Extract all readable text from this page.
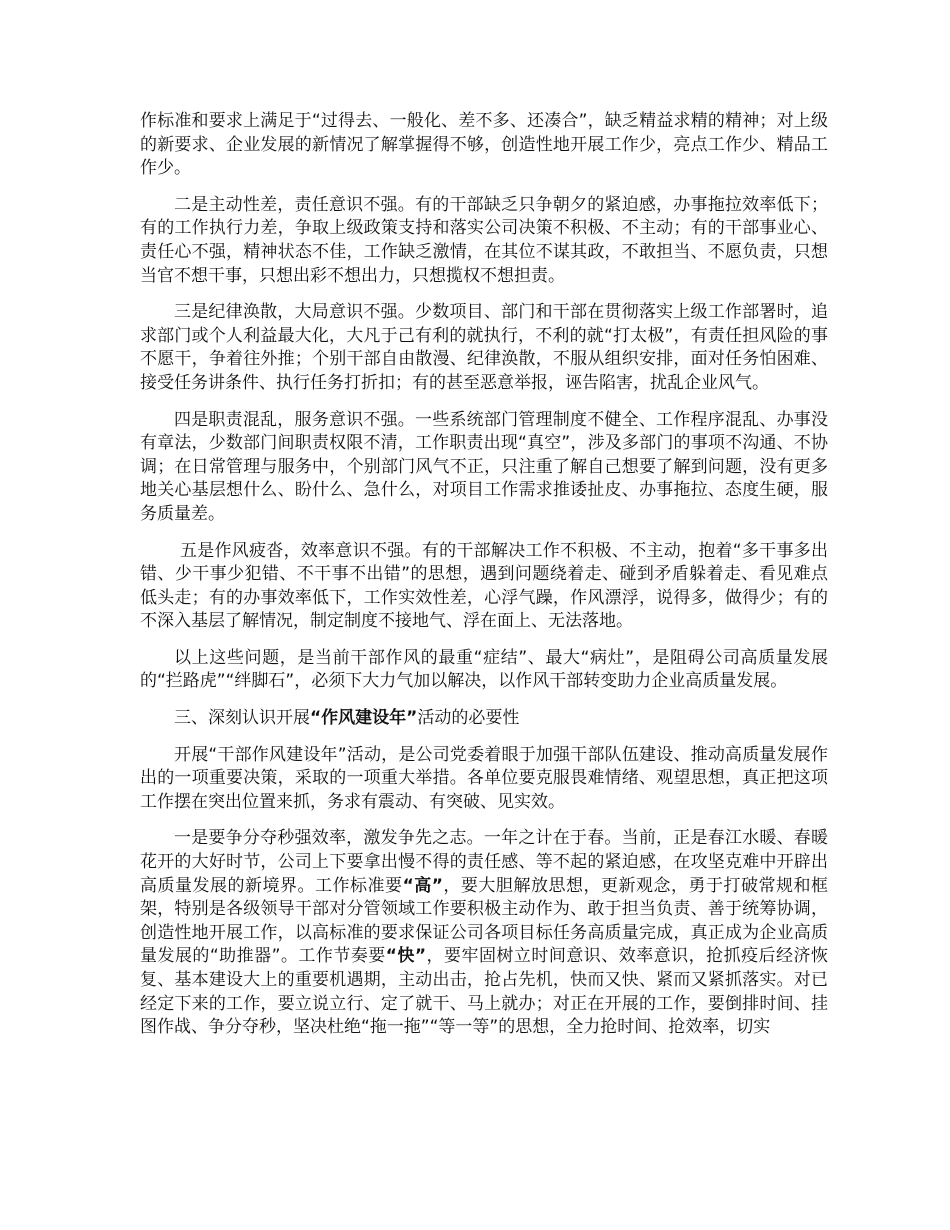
作标准和要求上满足于“过得去、一般化、差不多、还凑合”，缺乏精益求精的精神；对上级的新要求、企业发展的新情况了解掌握得不够，创造性地开展工作少，亮点工作少、精品工作少。

二是主动性差，责任意识不强。有的干部缺乏只争朝夕的紧迫感，办事拖拉效率低下；有的工作执行力差，争取上级政策支持和落实公司决策不积极、不主动；有的干部事业心、责任心不强，精神状态不佳，工作缺乏激情，在其位不谋其政，不敢担当、不愿负责，只想当官不想干事，只想出彩不想出力，只想揽权不想担责。

三是纪律涣散，大局意识不强。少数项目、部门和干部在贯彻落实上级工作部署时，追求部门或个人利益最大化，大凡于己有利的就执行，不利的就“打太极”，有责任担风险的事不愿干，争着往外推；个别干部自由散漫、纪律涣散，不服从组织安排，面对任务怕困难、接受任务讲条件、执行任务打折扣；有的甚至恶意举报，诬告陷害，扰乱企业风气。

四是职责混乱，服务意识不强。一些系统部门管理制度不健全、工作程序混乱、办事没有章法，少数部门间职责权限不清，工作职责出现“真空”，涉及多部门的事项不沟通、不协调；在日常管理与服务中，个别部门风气不正，只注重了解自己想要了解到问题，没有更多地关心基层想什么、盼什么、急什么，对项目工作需求推诿扯皮、办事拖拉、态度生硬，服务质量差。

五是作风疲沓，效率意识不强。有的干部解决工作不积极、不主动，抱着“多干事多出错、少干事少犯错、不干事不出错”的思想，遇到问题绕着走、碰到矛盾躲着走、看见难点低头走；有的办事效率低下，工作实效性差，心浮气躁，作风漂浮，说得多，做得少；有的不深入基层了解情况，制定制度不接地气、浮在面上、无法落地。

以上这些问题，是当前干部作风的最重“症结”、最大“病灶”，是阻碍公司高质量发展的“拦路虎”“绊脚石”，必须下大力气加以解决，以作风干部转变助力企业高质量发展。

三、深刻认识开展“作风建设年”活动的必要性

开展“干部作风建设年”活动，是公司党委着眼于加强干部队伍建设、推动高质量发展作出的一项重要决策，采取的一项重大举措。各单位要克服畏难情绪、观望思想，真正把这项工作摆在突出位置来抓，务求有震动、有突破、见实效。

一是要争分夺秒强效率，激发争先之志。一年之计在于春。当前，正是春江水暖、春暖花开的大好时节，公司上下要拿出慢不得的责任感、等不起的紧迫感，在攻坚克难中开辟出高质量发展的新境界。工作标准要“高”，要大胆解放思想，更新观念，勇于打破常规和框架，特别是各级领导干部对分管领域工作要积极主动作为、敢于担当负责、善于统筹协调，创造性地开展工作，以高标准的要求保证公司各项目标任务高质量完成，真正成为企业高质量发展的“助推器”。工作节奏要“快”，要牢固树立时间意识、效率意识，抢抓疫后经济恢复、基本建设大上的重要机遇期，主动出击，抢占先机，快而又快、紧而又紧抓落实。对已经定下来的工作，要立说立行、定了就干、马上就办；对正在开展的工作，要倒排时间、挂图作战、争分夺秒，坚决杜绝“拖一拖”“等一等”的思想，全力抢时间、抢效率，切实
